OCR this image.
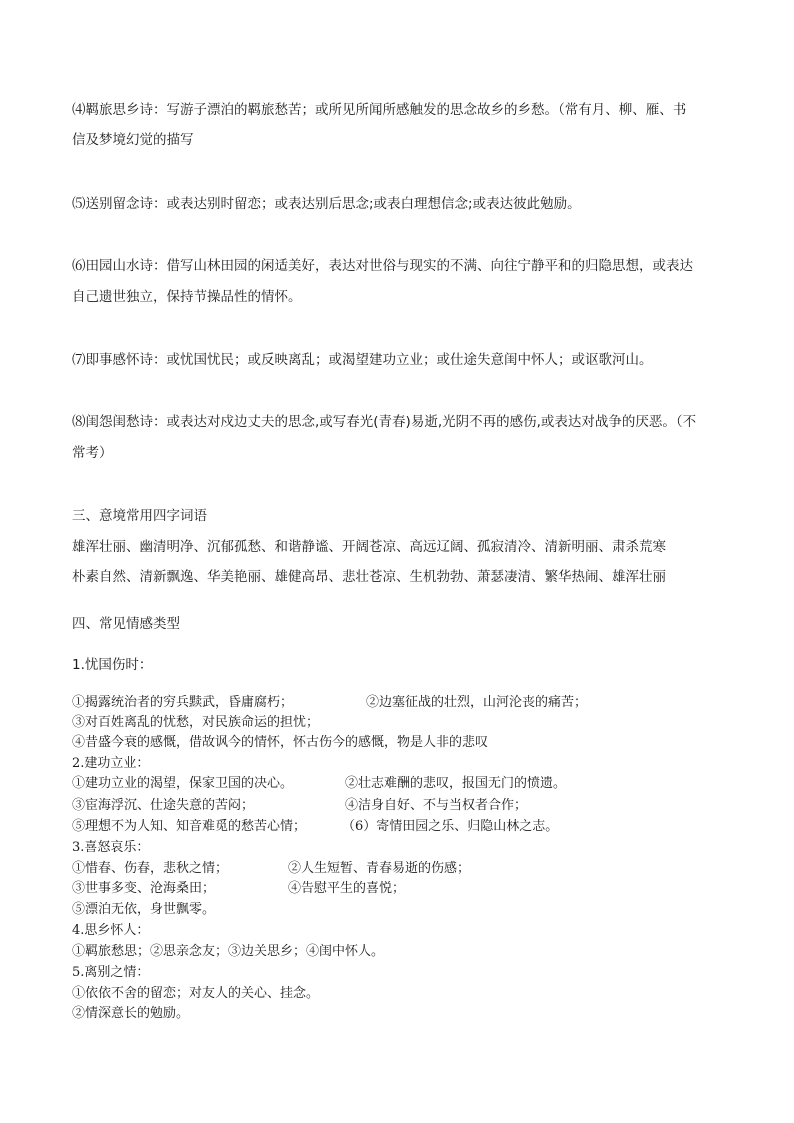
⑷羁旅思乡诗：写游子漂泊的羁旅愁苦；或所见所闻所感触发的思念故乡的乡愁。（常有月、柳、雁、书
信及梦境幻觉的描写
⑸送别留念诗：或表达别时留恋；或表达别后思念;或表白理想信念;或表达彼此勉励。
⑹田园山水诗：借写山林田园的闲适美好，表达对世俗与现实的不满、向往宁静平和的归隐思想，或表达
自己遗世独立，保持节操品性的情怀。
⑺即事感怀诗：或忧国忧民；或反映离乱；或渴望建功立业；或仕途失意闺中怀人；或讴歌河山。
⑻闺怨闺愁诗：或表达对戍边丈夫的思念,或写春光(青春)易逝,光阴不再的感伤,或表达对战争的厌恶。（不
常考）
三、意境常用四字词语
雄浑壮丽、幽清明净、沉郁孤愁、和谐静谧、开阔苍凉、高远辽阔、孤寂清冷、清新明丽、肃杀荒寒
朴素自然、清新飘逸、华美艳丽、雄健高昂、悲壮苍凉、生机勃勃、萧瑟凄清、繁华热闹、雄浑壮丽
四、常见情感类型
1.忧国伤时：
①揭露统治者的穷兵黩武，昏庸腐朽；	②边塞征战的壮烈，山河沦丧的痛苦；
③对百姓离乱的忧愁，对民族命运的担忧；
④昔盛今衰的感慨，借故讽今的情怀，怀古伤今的感慨，物是人非的悲叹
2.建功立业：
①建功立业的渴望，保家卫国的决心。	②壮志难酬的悲叹，报国无门的愤遗。
③宦海浮沉、仕途失意的苦闷；	④洁身自好、不与当权者合作；
⑤理想不为人知、知音难觅的愁苦心情；	（6）寄情田园之乐、归隐山林之志。
3.喜怒哀乐：
①惜春、伤春，悲秋之情；	②人生短暂、青春易逝的伤感；
③世事多变、沧海桑田；	④告慰平生的喜悦；
⑤漂泊无依，身世飘零。
4.思乡怀人：
①羁旅愁思；②思亲念友；③边关思乡；④闺中怀人。
5.离别之情：
①依依不舍的留恋；对友人的关心、挂念。
②情深意长的勉励。
